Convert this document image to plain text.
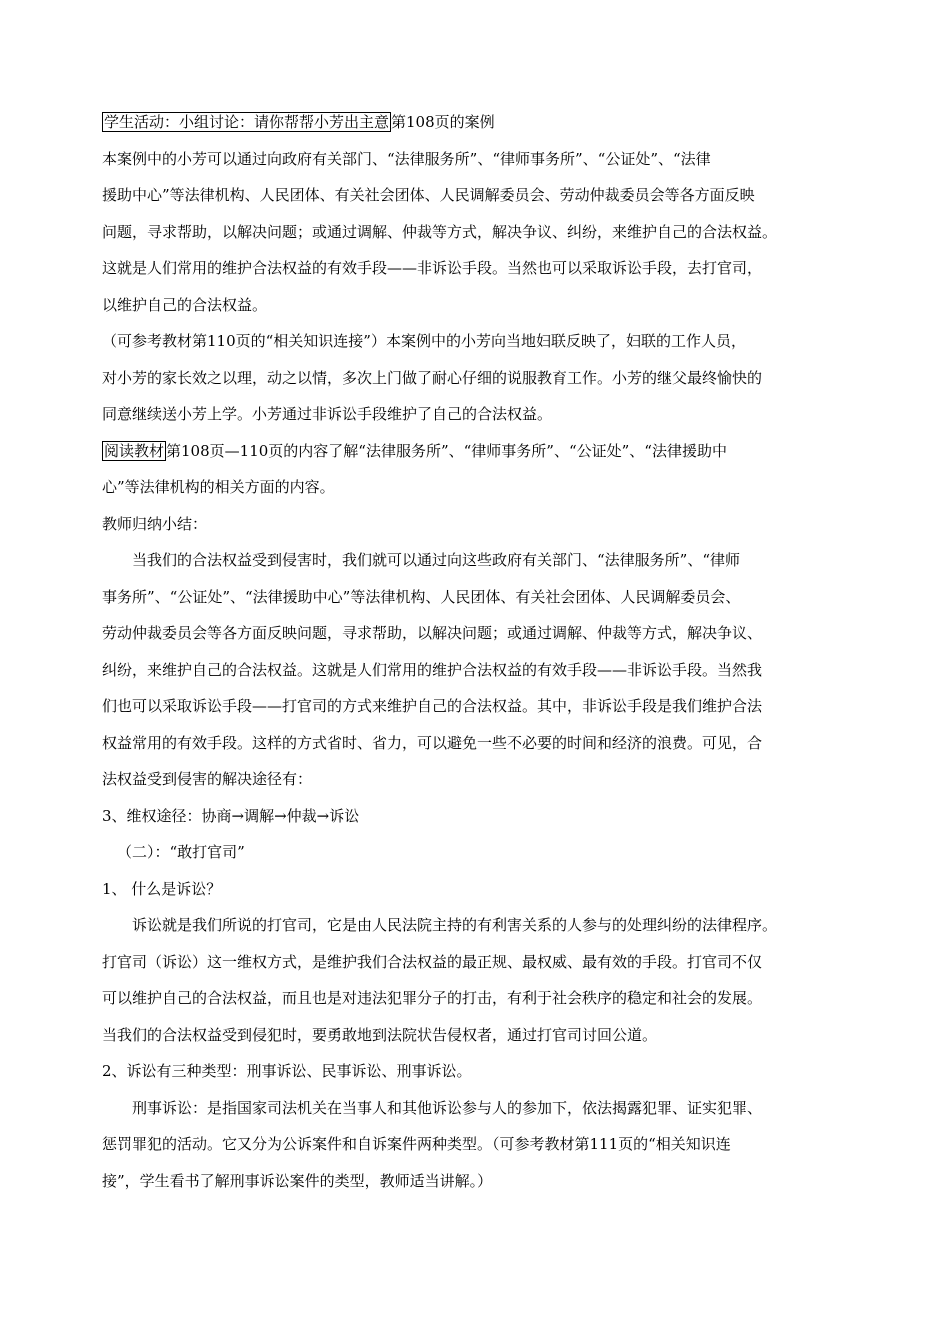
学生活动：小组讨论：请你帮帮小芳出主意 第108页的案例

本案例中的小芳可以通过向政府有关部门、“法律服务所”、“律师事务所”、“公证处”、“法律
援助中心”等法律机构、人民团体、有关社会团体、人民调解委员会、劳动仲裁委员会等各方面反映
问题，寻求帮助，以解决问题；或通过调解、仲裁等方式，解决争议、纠纷，来维护自己的合法权益。
这就是人们常用的维护合法权益的有效手段——非诉讼手段。当然也可以采取诉讼手段，去打官司，
以维护自己的合法权益。

（可参考教材第110页的“相关知识连接”）本案例中的小芳向当地妇联反映了，妇联的工作人员，
对小芳的家长效之以理，动之以情，多次上门做了耐心仔细的说服教育工作。小芳的继父最终愉快的
同意继续送小芳上学。小芳通过非诉讼手段维护了自己的合法权益。

阅读教材 第108页—110页的内容了解“法律服务所”、“律师事务所”、“公证处”、“法律援助中
心”等法律机构的相关方面的内容。

教师归纳小结：

当我们的合法权益受到侵害时，我们就可以通过向这些政府有关部门、“法律服务所”、“律师
事务所”、“公证处”、“法律援助中心”等法律机构、人民团体、有关社会团体、人民调解委员会、
劳动仲裁委员会等各方面反映问题，寻求帮助，以解决问题；或通过调解、仲裁等方式，解决争议、
纠纷，来维护自己的合法权益。这就是人们常用的维护合法权益的有效手段——非诉讼手段。当然我
们也可以采取诉讼手段——打官司的方式来维护自己的合法权益。其中，非诉讼手段是我们维护合法
权益常用的有效手段。这样的方式省时、省力，可以避免一些不必要的时间和经济的浪费。可见，合
法权益受到侵害的解决途径有：

3、维权途径：协商→调解→仲裁→诉讼

（二）：“敢打官司”

1、 什么是诉讼？

诉讼就是我们所说的打官司，它是由人民法院主持的有利害关系的人参与的处理纠纷的法律程序。
打官司（诉讼）这一维权方式，是维护我们合法权益的最正规、最权威、最有效的手段。打官司不仅
可以维护自己的合法权益，而且也是对违法犯罪分子的打击，有利于社会秩序的稳定和社会的发展。
当我们的合法权益受到侵犯时，要勇敢地到法院状告侵权者，通过打官司讨回公道。

2、诉讼有三种类型：刑事诉讼、民事诉讼、刑事诉讼。

刑事诉讼：是指国家司法机关在当事人和其他诉讼参与人的参加下，依法揭露犯罪、证实犯罪、
惩罚罪犯的活动。它又分为公诉案件和自诉案件两种类型。（可参考教材第111页的“相关知识连
接”，学生看书了解刑事诉讼案件的类型，教师适当讲解。）
